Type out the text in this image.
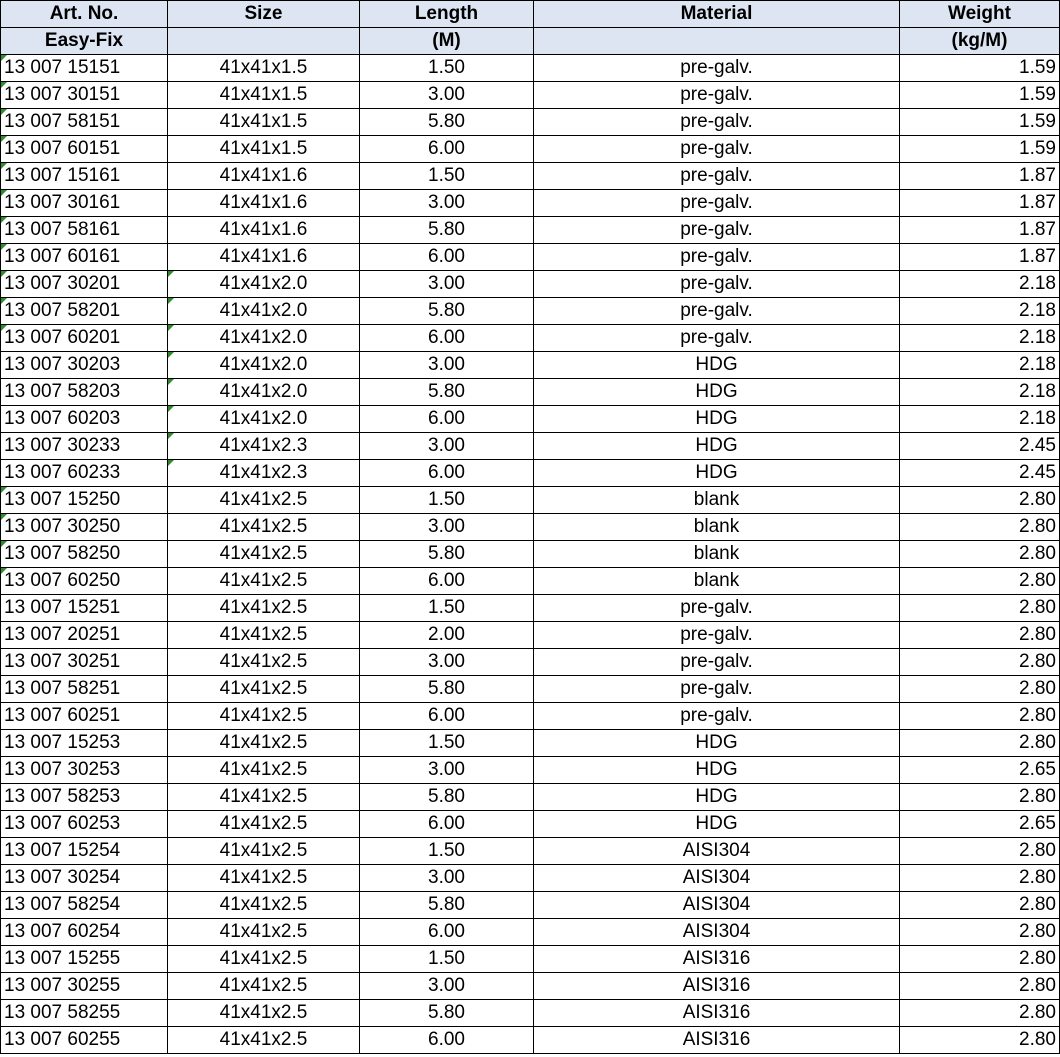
Art. No.	Size	Length	Material	Weight
Easy-Fix		(M)		(kg/M)
13 007 15151	41x41x1.5	1.50	pre-galv.	1.59
13 007 30151	41x41x1.5	3.00	pre-galv.	1.59
13 007 58151	41x41x1.5	5.80	pre-galv.	1.59
13 007 60151	41x41x1.5	6.00	pre-galv.	1.59
13 007 15161	41x41x1.6	1.50	pre-galv.	1.87
13 007 30161	41x41x1.6	3.00	pre-galv.	1.87
13 007 58161	41x41x1.6	5.80	pre-galv.	1.87
13 007 60161	41x41x1.6	6.00	pre-galv.	1.87
13 007 30201	41x41x2.0	3.00	pre-galv.	2.18
13 007 58201	41x41x2.0	5.80	pre-galv.	2.18
13 007 60201	41x41x2.0	6.00	pre-galv.	2.18
13 007 30203	41x41x2.0	3.00	HDG	2.18
13 007 58203	41x41x2.0	5.80	HDG	2.18
13 007 60203	41x41x2.0	6.00	HDG	2.18
13 007 30233	41x41x2.3	3.00	HDG	2.45
13 007 60233	41x41x2.3	6.00	HDG	2.45
13 007 15250	41x41x2.5	1.50	blank	2.80
13 007 30250	41x41x2.5	3.00	blank	2.80
13 007 58250	41x41x2.5	5.80	blank	2.80
13 007 60250	41x41x2.5	6.00	blank	2.80
13 007 15251	41x41x2.5	1.50	pre-galv.	2.80
13 007 20251	41x41x2.5	2.00	pre-galv.	2.80
13 007 30251	41x41x2.5	3.00	pre-galv.	2.80
13 007 58251	41x41x2.5	5.80	pre-galv.	2.80
13 007 60251	41x41x2.5	6.00	pre-galv.	2.80
13 007 15253	41x41x2.5	1.50	HDG	2.80
13 007 30253	41x41x2.5	3.00	HDG	2.65
13 007 58253	41x41x2.5	5.80	HDG	2.80
13 007 60253	41x41x2.5	6.00	HDG	2.65
13 007 15254	41x41x2.5	1.50	AISI304	2.80
13 007 30254	41x41x2.5	3.00	AISI304	2.80
13 007 58254	41x41x2.5	5.80	AISI304	2.80
13 007 60254	41x41x2.5	6.00	AISI304	2.80
13 007 15255	41x41x2.5	1.50	AISI316	2.80
13 007 30255	41x41x2.5	3.00	AISI316	2.80
13 007 58255	41x41x2.5	5.80	AISI316	2.80
13 007 60255	41x41x2.5	6.00	AISI316	2.80
